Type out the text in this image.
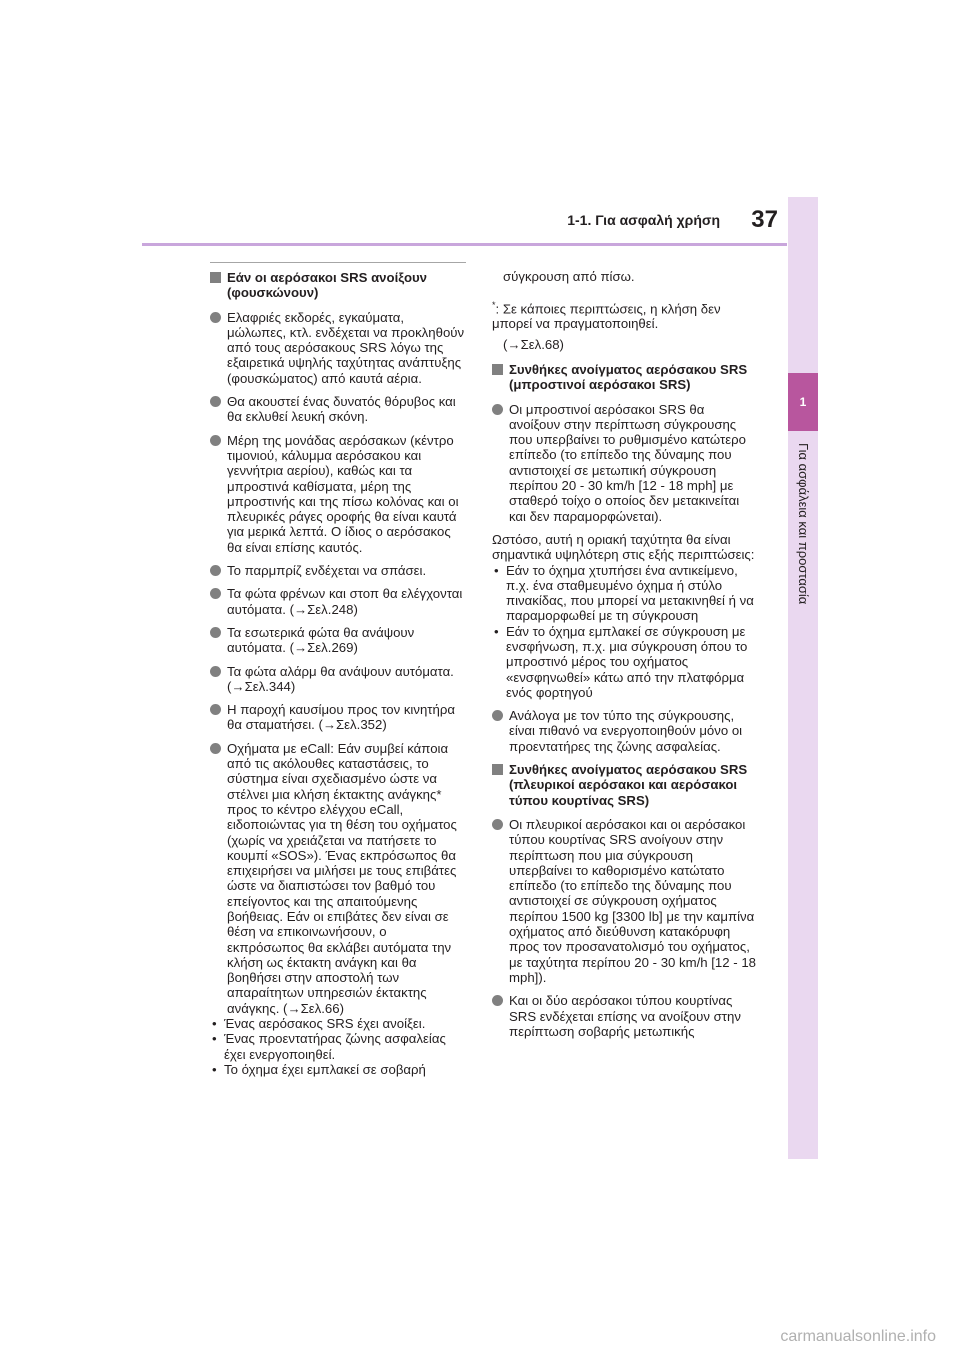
1-1. Για ασφαλή χρήση	37
1
Για ασφάλεια και προστασία

Εάν οι αερόσακοι SRS ανοίξουν (φουσκώνουν)

Ελαφριές εκδορές, εγκαύματα, μώλωπες, κτλ. ενδέχεται να προκληθούν από τους αερόσακους SRS λόγω της εξαιρετικά υψηλής ταχύτητας ανάπτυξης (φουσκώματος) από καυτά αέρια.

Θα ακουστεί ένας δυνατός θόρυβος και θα εκλυθεί λευκή σκόνη.

Μέρη της μονάδας αερόσακων (κέντρο τιμονιού, κάλυμμα αερόσακου και γεννήτρια αερίου), καθώς και τα μπροστινά καθίσματα, μέρη της μπροστινής και της πίσω κολόνας και οι πλευρικές ράγες οροφής θα είναι καυτά για μερικά λεπτά. Ο ίδιος ο αερόσακος θα είναι επίσης καυτός.

Το παρμπρίζ ενδέχεται να σπάσει.

Τα φώτα φρένων και στοπ θα ελέγχονται αυτόματα. (→Σελ.248)

Τα εσωτερικά φώτα θα ανάψουν αυτόματα. (→Σελ.269)

Τα φώτα αλάρμ θα ανάψουν αυτόματα. (→Σελ.344)

Η παροχή καυσίμου προς τον κινητήρα θα σταματήσει. (→Σελ.352)

Οχήματα με eCall: Εάν συμβεί κάποια από τις ακόλουθες καταστάσεις, το σύστημα είναι σχεδιασμένο ώστε να στέλνει μια κλήση έκτακτης ανάγκης* προς το κέντρο ελέγχου eCall, ειδοποιώντας για τη θέση του οχήματος (χωρίς να χρειάζεται να πατήσετε το κουμπί «SOS»). Ένας εκπρόσωπος θα επιχειρήσει να μιλήσει με τους επιβάτες ώστε να διαπιστώσει τον βαθμό του επείγοντος και της απαιτούμενης βοήθειας. Εάν οι επιβάτες δεν είναι σε θέση να επικοινωνήσουν, ο εκπρόσωπος θα εκλάβει αυτόματα την κλήση ως έκτακτη ανάγκη και θα βοηθήσει στην αποστολή των απαραίτητων υπηρεσιών έκτακτης ανάγκης. (→Σελ.66)

• Ένας αερόσακος SRS έχει ανοίξει.

• Ένας προεντατήρας ζώνης ασφαλείας έχει ενεργοποιηθεί.

• Το όχημα έχει εμπλακεί σε σοβαρή

σύγκρουση από πίσω.

*: Σε κάποιες περιπτώσεις, η κλήση δεν μπορεί να πραγματοποιηθεί.

(→Σελ.68)

Συνθήκες ανοίγματος αερόσακου SRS (μπροστινοί αερόσακοι SRS)

Οι μπροστινοί αερόσακοι SRS θα ανοίξουν στην περίπτωση σύγκρουσης που υπερβαίνει το ρυθμισμένο κατώτερο επίπεδο (το επίπεδο της δύναμης που αντιστοιχεί σε μετωπική σύγκρουση περίπου 20 - 30 km/h [12 - 18 mph] με σταθερό τοίχο ο οποίος δεν μετακινείται και δεν παραμορφώνεται).

Ωστόσο, αυτή η οριακή ταχύτητα θα είναι σημαντικά υψηλότερη στις εξής περιπτώσεις:

• Εάν το όχημα χτυπήσει ένα αντικείμενο, π.χ. ένα σταθμευμένο όχημα ή στύλο πινακίδας, που μπορεί να μετακινηθεί ή να παραμορφωθεί με τη σύγκρουση

• Εάν το όχημα εμπλακεί σε σύγκρουση με ενσφήνωση, π.χ. μια σύγκρουση όπου το μπροστινό μέρος του οχήματος «ενσφηνωθεί» κάτω από την πλατφόρμα ενός φορτηγού

Ανάλογα με τον τύπο της σύγκρουσης, είναι πιθανό να ενεργοποιηθούν μόνο οι προεντατήρες της ζώνης ασφαλείας.

Συνθήκες ανοίγματος αερόσακου SRS (πλευρικοί αερόσακοι και αερόσακοι τύπου κουρτίνας SRS)

Οι πλευρικοί αερόσακοι και οι αερόσακοι τύπου κουρτίνας SRS ανοίγουν στην περίπτωση που μια σύγκρουση υπερβαίνει το καθορισμένο κατώτατο επίπεδο (το επίπεδο της δύναμης που αντιστοιχεί σε σύγκρουση οχήματος περίπου 1500 kg [3300 lb] με την καμπίνα οχήματος από διεύθυνση κατακόρυφη προς τον προσανατολισμό του οχήματος, με ταχύτητα περίπου 20 - 30 km/h [12 - 18 mph]).

Και οι δύο αερόσακοι τύπου κουρτίνας SRS ενδέχεται επίσης να ανοίξουν στην περίπτωση σοβαρής μετωπικής

carmanualsonline.info
